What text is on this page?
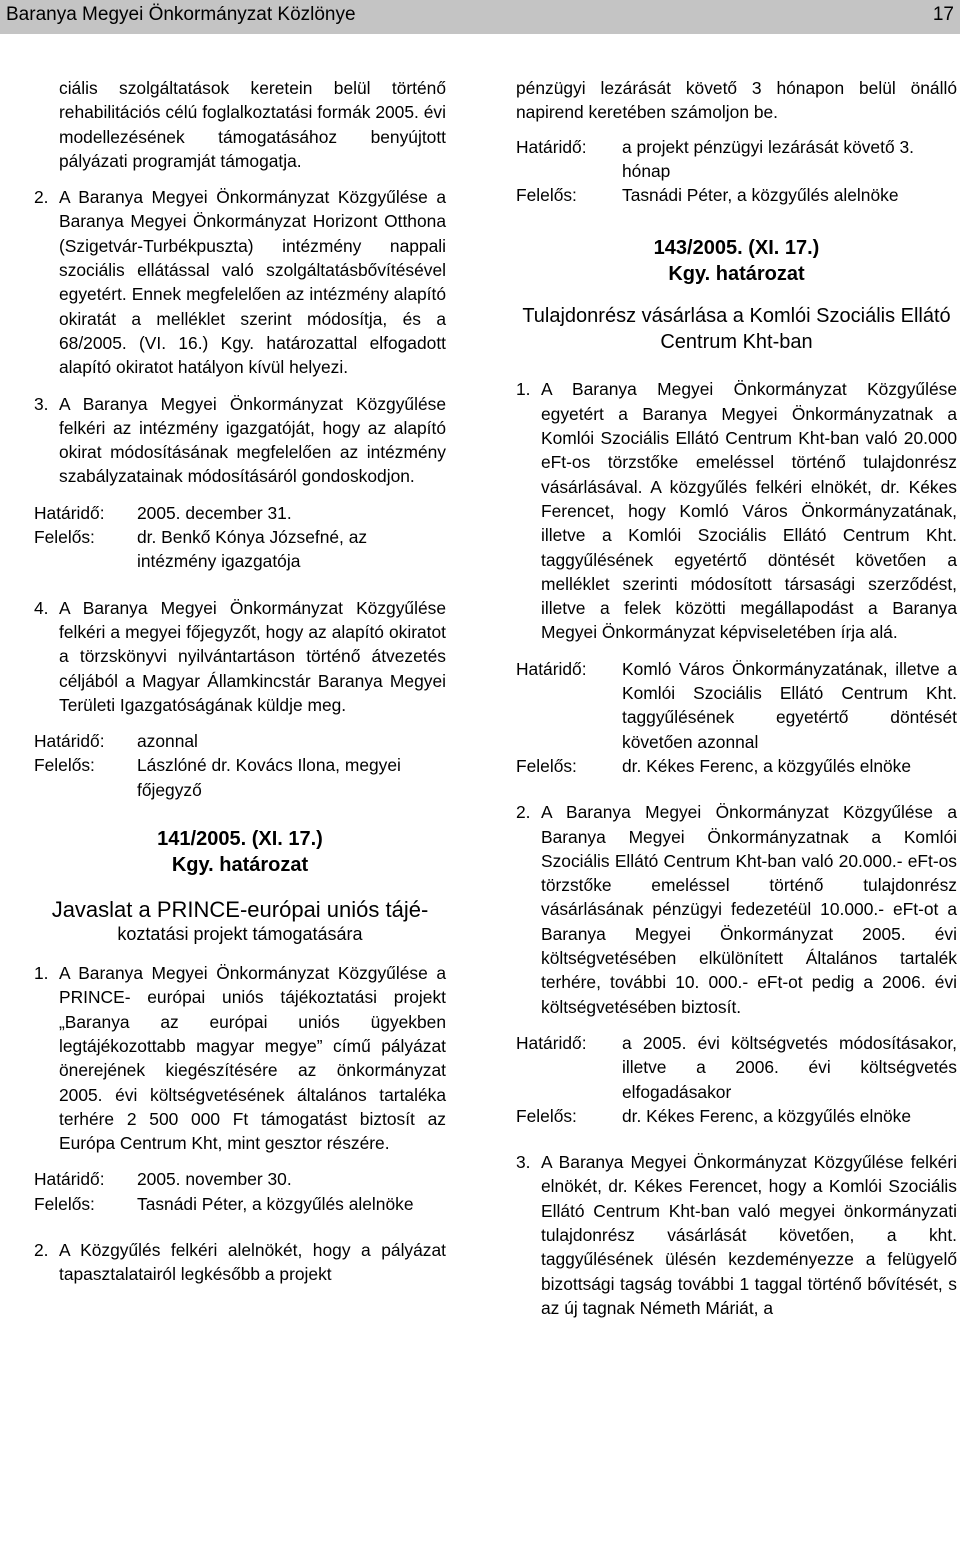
Baranya Megyei Önkormányzat Közlönye	17
ciális szolgáltatások keretein belül történő rehabilitációs célú foglalkoztatási formák 2005. évi modellezésének támogatásához benyújtott pályázati programját támogatja.
2. A Baranya Megyei Önkormányzat Közgyűlése a Baranya Megyei Önkormányzat Horizont Otthona (Szigetvár-Turbékpuszta) intézmény nappali szociális ellátással való szolgáltatásbővítésével egyetért. Ennek megfelelően az intézmény alapító okiratát a melléklet szerint módosítja, és a 68/2005. (VI. 16.) Kgy. határozattal elfogadott alapító okiratot hatályon kívül helyezi.
3. A Baranya Megyei Önkormányzat Közgyűlése felkéri az intézmény igazgatóját, hogy az alapító okirat módosításának megfelelően az intézmény szabályzatainak módosításáról gondoskodjon.
Határidő:	2005. december 31.
Felelős:	dr. Benkő Kónya Józsefné, az intézmény igazgatója
4. A Baranya Megyei Önkormányzat Közgyűlése felkéri a megyei főjegyzőt, hogy az alapító okiratot a törzskönyvi nyilvántartáson történő átvezetés céljából a Magyar Államkincstár Baranya Megyei Területi Igazgatóságának küldje meg.
Határidő:	azonnal
Felelős:	Lászlóné dr. Kovács Ilona, megyei főjegyző
141/2005. (XI. 17.)
Kgy. határozat
Javaslat a PRINCE-európai uniós tájé-
koztatási projekt támogatására
1. A Baranya Megyei Önkormányzat Közgyűlése a PRINCE- európai uniós tájékoztatási projekt „Baranya az európai uniós ügyekben legtájékozottabb magyar megye” című pályázat önerejének kiegészítésére az önkormányzat 2005. évi költségvetésének általános tartaléka terhére 2 500 000 Ft támogatást biztosít az Európa Centrum Kht, mint gesztor részére.
Határidő:	2005. november 30.
Felelős:	Tasnádi Péter, a közgyűlés alelnöke
2. A Közgyűlés felkéri alelnökét, hogy a pályázat tapasztalatairól legkésőbb a projekt
pénzügyi lezárását követő 3 hónapon belül önálló napirend keretében számoljon be.
Határidő:	a projekt pénzügyi lezárását követő 3. hónap
Felelős:	Tasnádi Péter, a közgyűlés alelnöke
143/2005. (XI. 17.)
Kgy. határozat
Tulajdonrész vásárlása a Komlói Szociális Ellátó Centrum Kht-ban
1. A Baranya Megyei Önkormányzat Közgyűlése egyetért a Baranya Megyei Önkormányzatnak a Komlói Szociális Ellátó Centrum Kht-ban való 20.000 eFt-os törzstőke emeléssel történő tulajdonrész vásárlásával. A közgyűlés felkéri elnökét, dr. Kékes Ferencet, hogy Komló Város Önkormányzatának, illetve a Komlói Szociális Ellátó Centrum Kht. taggyűlésének egyetértő döntését követően a melléklet szerinti módosított társasági szerződést, illetve a felek közötti megállapodást a Baranya Megyei Önkormányzat képviseletében írja alá.
Határidő:	Komló Város Önkormányzatának, illetve a Komlói Szociális Ellátó Centrum Kht. taggyűlésének egyetértő döntését követően azonnal
Felelős:	dr. Kékes Ferenc, a közgyűlés elnöke
2. A Baranya Megyei Önkormányzat Közgyűlése a Baranya Megyei Önkormányzatnak a Komlói Szociális Ellátó Centrum Kht-ban való 20.000.- eFt-os törzstőke emeléssel történő tulajdonrész vásárlásának pénzügyi fedezetéül 10.000.- eFt-ot a Baranya Megyei Önkormányzat 2005. évi költségvetésében elkülönített Általános tartalék terhére, további 10. 000.- eFt-ot pedig a 2006. évi költségvetésében biztosít.
Határidő:	a 2005. évi költségvetés módosításakor, illetve a 2006. évi költségvetés elfogadásakor
Felelős:	dr. Kékes Ferenc, a közgyűlés elnöke
3. A Baranya Megyei Önkormányzat Közgyűlése felkéri elnökét, dr. Kékes Ferencet, hogy a Komlói Szociális Ellátó Centrum Kht-ban való megyei önkormányzati tulajdonrész vásárlását követően, a kht. taggyűlésének ülésén kezdeményezze a felügyelő bizottsági tagság további 1 taggal történő bővítését, s az új tagnak Németh Máriát, a
